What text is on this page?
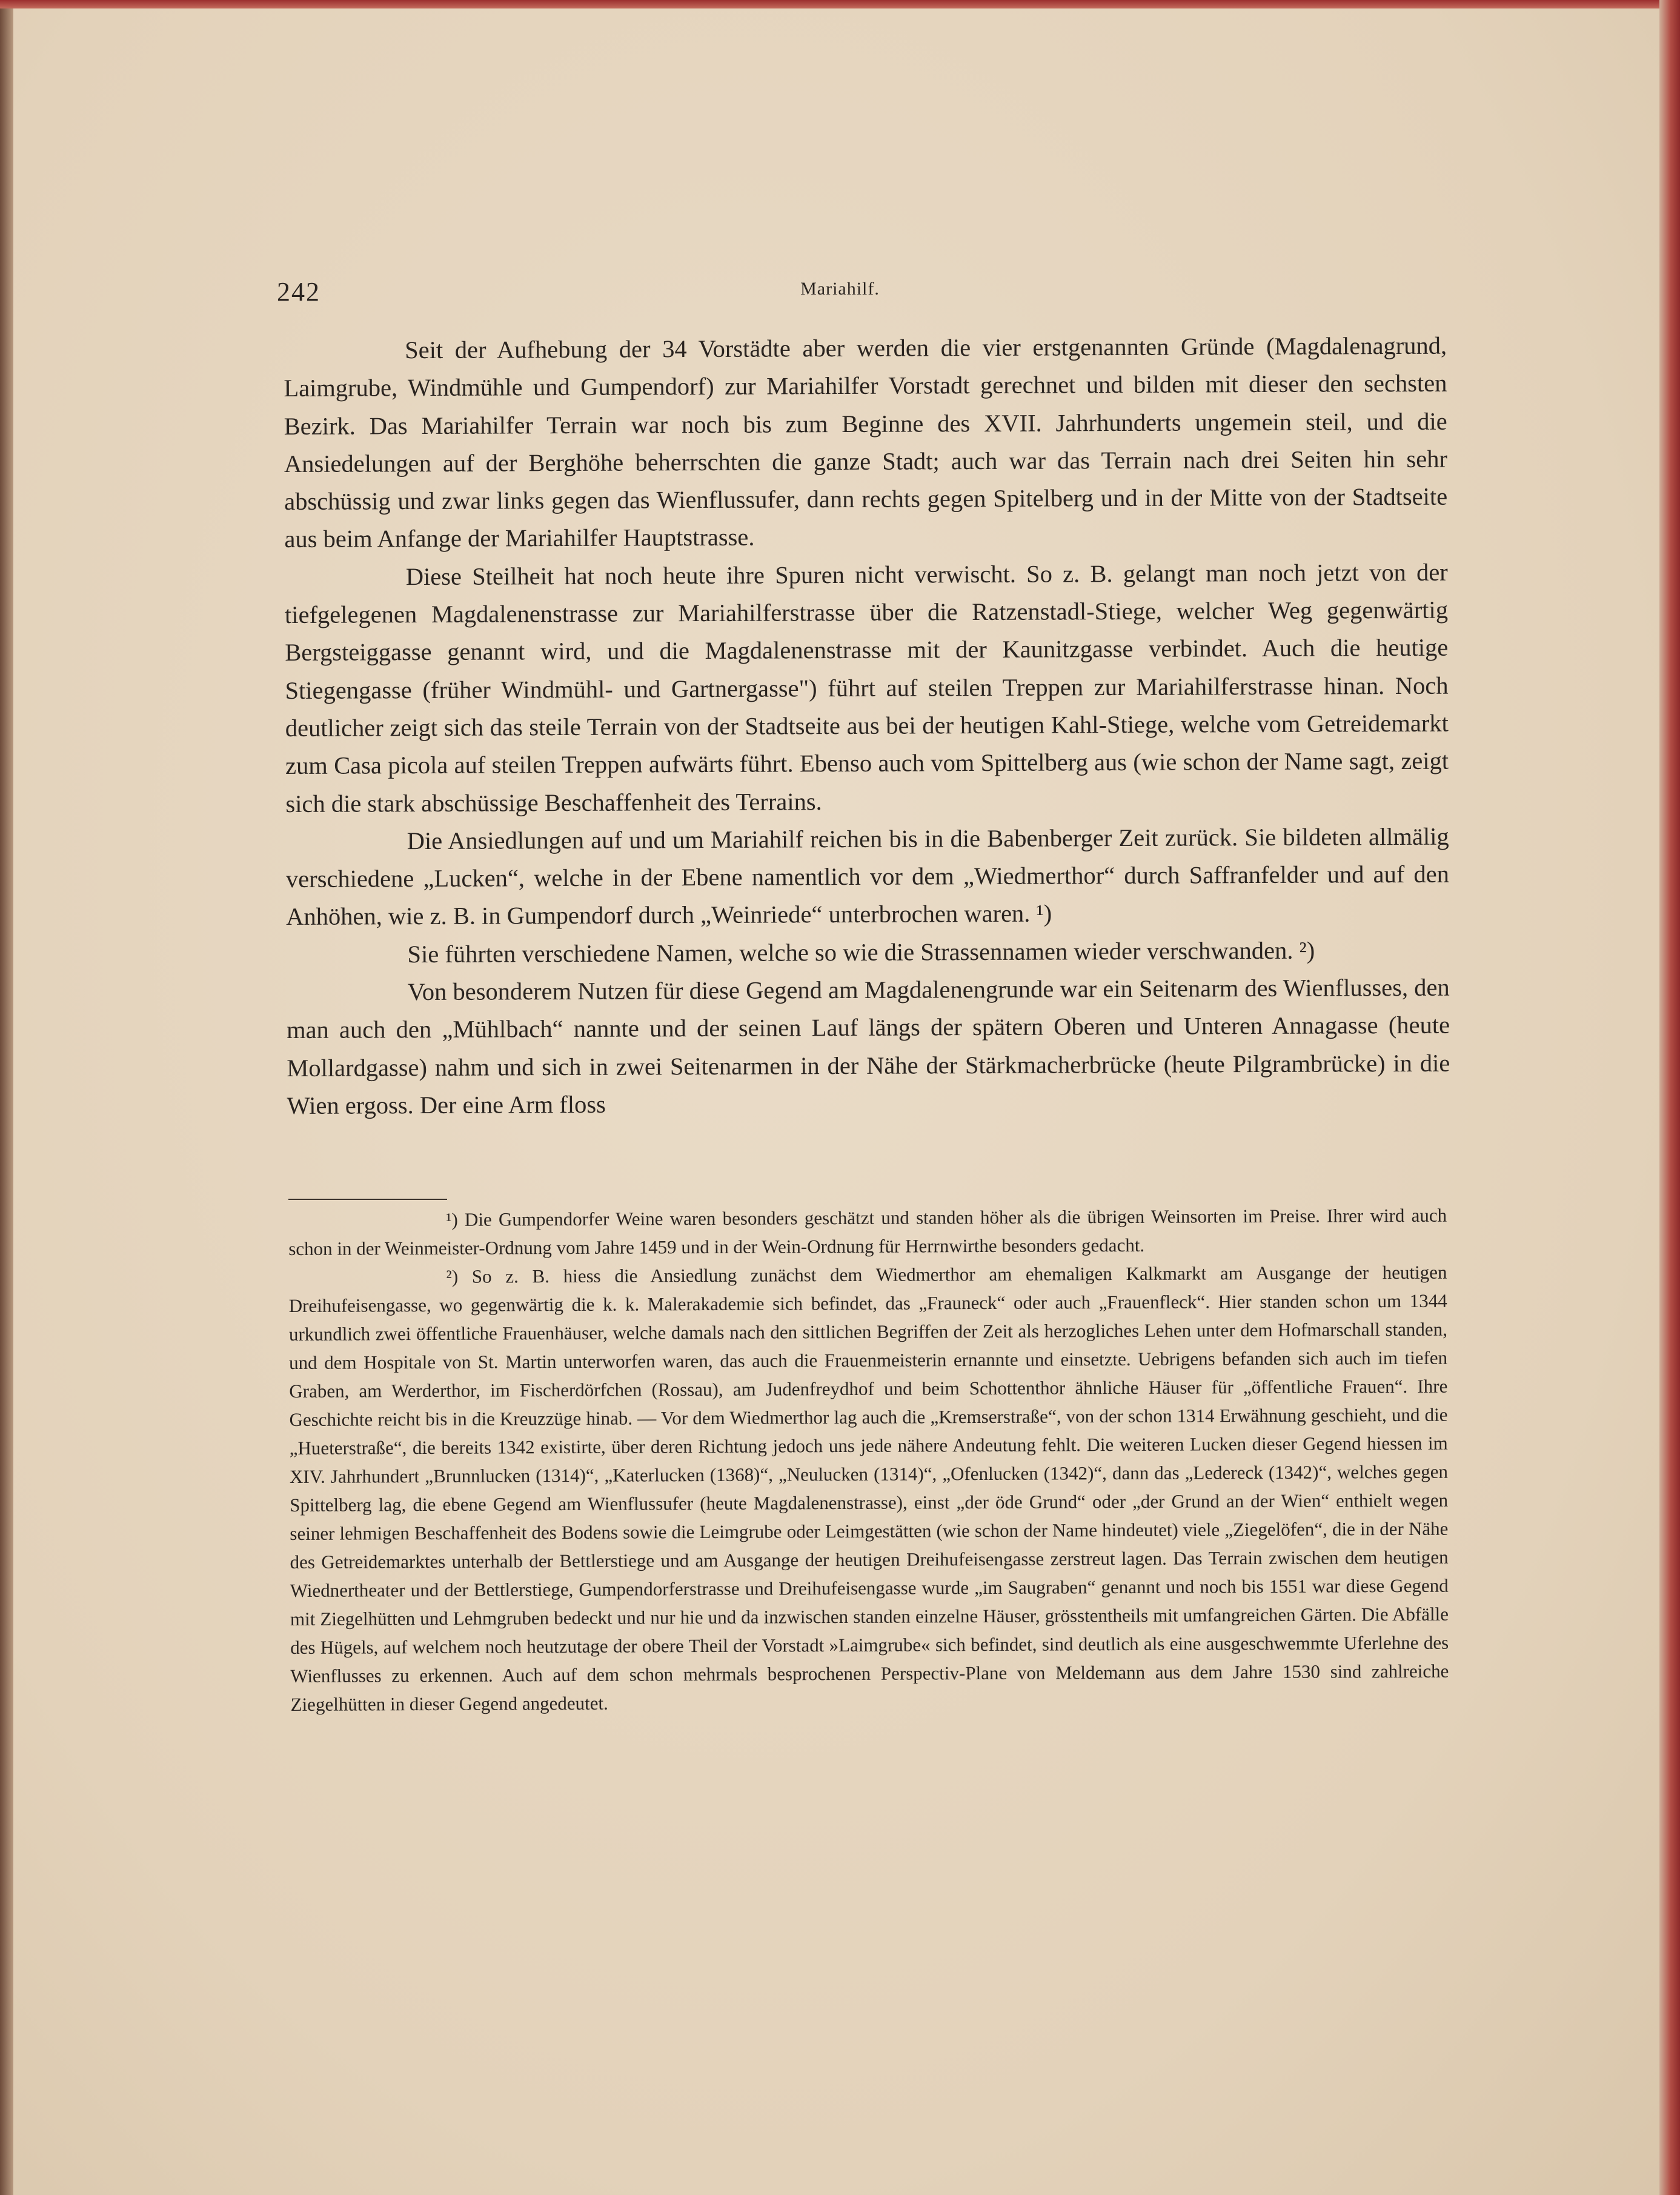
242	Mariahilf.

Seit der Aufhebung der 34 Vorstädte aber werden die vier erstgenannten Gründe (Magdalenagrund, Laimgrube, Windmühle und Gumpendorf) zur Mariahilfer Vorstadt gerechnet und bilden mit dieser den sechsten Bezirk. Das Mariahilfer Terrain war noch bis zum Beginne des XVII. Jahrhunderts ungemein steil, und die Ansiedelungen auf der Berghöhe beherrschten die ganze Stadt; auch war das Terrain nach drei Seiten hin sehr abschüssig und zwar links gegen das Wienflussufer, dann rechts gegen Spitelberg und in der Mitte von der Stadtseite aus beim Anfange der Mariahilfer Hauptstrasse.

Diese Steilheit hat noch heute ihre Spuren nicht verwischt. So z. B. gelangt man noch jetzt von der tiefgelegenen Magdalenenstrasse zur Mariahilferstrasse über die Ratzenstadl-Stiege, welcher Weg gegenwärtig Bergsteiggasse genannt wird, und die Magdalenenstrasse mit der Kaunitzgasse verbindet. Auch die heutige Stiegengasse (früher Windmühl- und Gartnergasse") führt auf steilen Treppen zur Mariahilferstrasse hinan. Noch deutlicher zeigt sich das steile Terrain von der Stadtseite aus bei der heutigen Kahl-Stiege, welche vom Getreidemarkt zum Casa picola auf steilen Treppen aufwärts führt. Ebenso auch vom Spittelberg aus (wie schon der Name sagt, zeigt sich die stark abschüssige Beschaffenheit des Terrains.

Die Ansiedlungen auf und um Mariahilf reichen bis in die Babenberger Zeit zurück. Sie bildeten allmälig verschiedene „Lucken“, welche in der Ebene namentlich vor dem „Wiedmerthor“ durch Saffranfelder und auf den Anhöhen, wie z. B. in Gumpendorf durch „Weinriede“ unterbrochen waren. ¹)

Sie führten verschiedene Namen, welche so wie die Strassennamen wieder verschwanden. ²)

Von besonderem Nutzen für diese Gegend am Magdalenengrunde war ein Seitenarm des Wienflusses, den man auch den „Mühlbach“ nannte und der seinen Lauf längs der spätern Oberen und Unteren Annagasse (heute Mollardgasse) nahm und sich in zwei Seitenarmen in der Nähe der Stärkmacherbrücke (heute Pilgrambrücke) in die Wien ergoss. Der eine Arm floss

¹) Die Gumpendorfer Weine waren besonders geschätzt und standen höher als die übrigen Weinsorten im Preise. Ihrer wird auch schon in der Weinmeister-Ordnung vom Jahre 1459 und in der Wein-Ordnung für Herrnwirthe besonders gedacht.

²) So z. B. hiess die Ansiedlung zunächst dem Wiedmerthor am ehemaligen Kalkmarkt am Ausgange der heutigen Dreihufeisengasse, wo gegenwärtig die k. k. Malerakademie sich befindet, das „Frauneck“ oder auch „Frauenfleck“. Hier standen schon um 1344 urkundlich zwei öffentliche Frauenhäuser, welche damals nach den sittlichen Begriffen der Zeit als herzogliches Lehen unter dem Hofmarschall standen, und dem Hospitale von St. Martin unterworfen waren, das auch die Frauenmeisterin ernannte und einsetzte. Uebrigens befanden sich auch im tiefen Graben, am Werderthor, im Fischerdörfchen (Rossau), am Judenfreydhof und beim Schottenthor ähnliche Häuser für „öffentliche Frauen“. Ihre Geschichte reicht bis in die Kreuzzüge hinab. — Vor dem Wiedmerthor lag auch die „Kremserstraße“, von der schon 1314 Erwähnung geschieht, und die „Hueterstraße“, die bereits 1342 existirte, über deren Richtung jedoch uns jede nähere Andeutung fehlt. Die weiteren Lucken dieser Gegend hiessen im XIV. Jahrhundert „Brunnlucken (1314)“, „Katerlucken (1368)“, „Neulucken (1314)“, „Ofenlucken (1342)“, dann das „Ledereck (1342)“, welches gegen Spittelberg lag, die ebene Gegend am Wienflussufer (heute Magdalenenstrasse), einst „der öde Grund“ oder „der Grund an der Wien“ enthielt wegen seiner lehmigen Beschaffenheit des Bodens sowie die Leimgrube oder Leimgestätten (wie schon der Name hindeutet) viele „Ziegelöfen“, die in der Nähe des Getreidemarktes unterhalb der Bettlerstiege und am Ausgange der heutigen Dreihufeisengasse zerstreut lagen. Das Terrain zwischen dem heutigen Wiednertheater und der Bettlerstiege, Gumpendorferstrasse und Dreihufeisengasse wurde „im Saugraben“ genannt und noch bis 1551 war diese Gegend mit Ziegelhütten und Lehmgruben bedeckt und nur hie und da inzwischen standen einzelne Häuser, grösstentheils mit umfangreichen Gärten. Die Abfälle des Hügels, auf welchem noch heutzutage der obere Theil der Vorstadt »Laimgrube« sich befindet, sind deutlich als eine ausgeschwemmte Uferlehne des Wienflusses zu erkennen. Auch auf dem schon mehrmals besprochenen Perspectiv-Plane von Meldemann aus dem Jahre 1530 sind zahlreiche Ziegelhütten in dieser Gegend angedeutet.
